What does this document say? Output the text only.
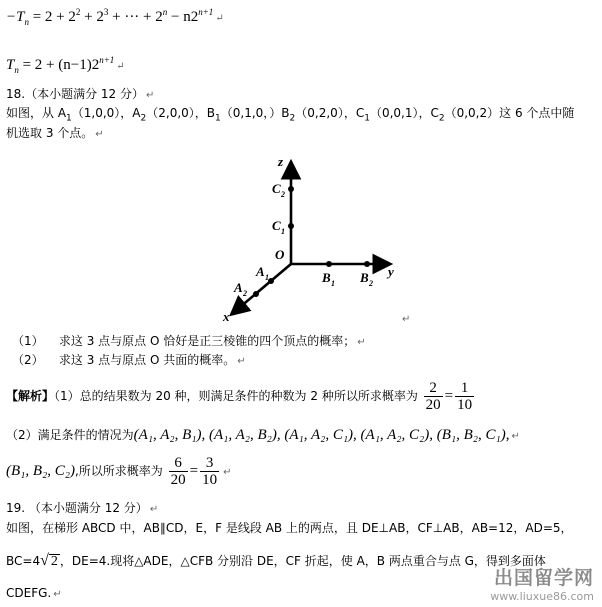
$-T_n = 2 + 2^2 + 2^3$ + ··· + $2^n$ − $n2^{n+1}↵$
$T_n = 2$ + $(n-1)2^{n+1}↵$
18.（本小题满分 12 分） ↵
如图，从 $A_1(1,0,0)$，$A_2(2,0,0)$，$B_1(0,1,0$，）$B_2(0,2,0)$，$C_1(0,0,1)$，$C_2(0,0,2)$这 6 个点中随
机选取 3 个点。 ↵
z
y
x
O
C 2
C 1
B 1 B 2
A 1
A 2
↵
（1） 求这 3 点与原点 O 恰好是正三棱锥的四个顶点的概率； ↵
（2） 求这 3 点与原点 O 共面的概率。 ↵
【解析】（1）总的结果数为 20 种，则满足条件的种数为 2 种所以所求概率为 $\frac{2}{20} = \frac{1}{10}$
（2）满足条件的情况为(A₁, A₂, B₁), (A₁, A₂, B₂), (A₁, A₂, C₁), (A₁, A₂, C₂), (B₁, B₂, C₁), ↵
(B₁, B₂, C₂),所以所求概率为 $\frac{6}{20} = \frac{3}{10}$ ↵
19. （本小题满分 12 分） ↵
如图，在梯形 ABCD 中，AB∥CD，E，F 是线段 AB 上的两点，且 DE⊥AB，CF⊥AB，AB=12，AD=5，
BC=4√ 2 ，DE=4.现将△ADE，△CFB 分别沿 DE，CF 折起，使 A，B 两点重合与点 G，得到多面体
CDEFG. ↵
出国留学网
www.liuxue86.com
